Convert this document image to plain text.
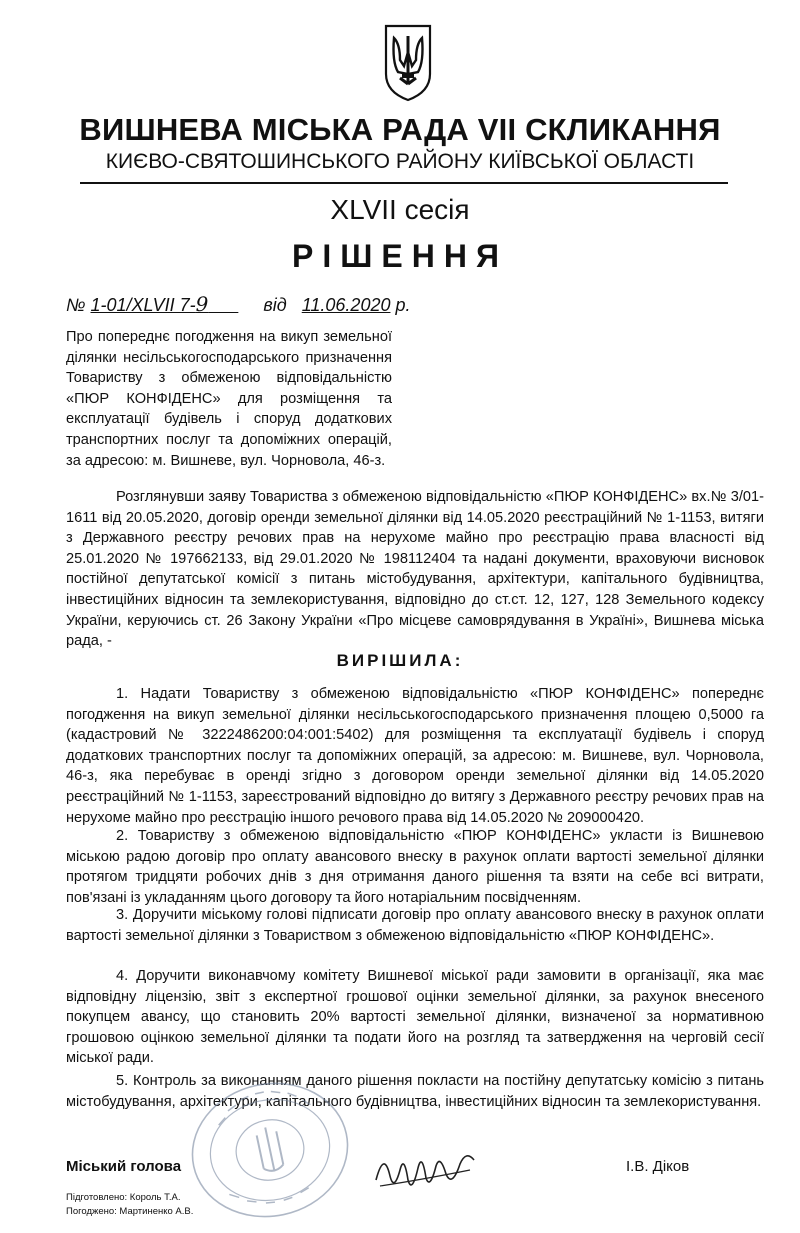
ВИШНЕВА МІСЬКА РАДА VII СКЛИКАННЯ
КИЄВО-СВЯТОШИНСЬКОГО РАЙОНУ КИЇВСЬКОЇ ОБЛАСТІ
XLVII сесія
РІШЕННЯ
№ 1-01/XLVII 7-9	від 11.06.2020 р.
Про попереднє погодження на викуп земельної
ділянки несільськогосподарського призначення
Товариству з обмеженою відповідальністю
«ПЮР КОНФІДЕНС» для розміщення та
експлуатації будівель і споруд додаткових
транспортних послуг та допоміжних операцій,
за адресою: м. Вишневе, вул. Чорновола, 46-з.

Розглянувши заяву Товариства з обмеженою відповідальністю «ПЮР КОНФІДЕНС» вх.№ 3/01-1611 від 20.05.2020, договір оренди земельної ділянки від 14.05.2020 реєстраційний № 1-1153, витяги з Державного реєстру речових прав на нерухоме майно про реєстрацію права власності від 25.01.2020 № 197662133, від 29.01.2020 № 198112404 та надані документи, враховуючи висновок постійної депутатської комісії з питань містобудування, архітектури, капітального будівництва, інвестиційних відносин та землекористування, відповідно до ст.ст. 12, 127, 128 Земельного кодексу України, керуючись ст. 26 Закону України «Про місцеве самоврядування в Україні», Вишнева міська рада, -

ВИРІШИЛА:

1. Надати Товариству з обмеженою відповідальністю «ПЮР КОНФІДЕНС» попереднє погодження на викуп земельної ділянки несільськогосподарського призначення площею 0,5000 га (кадастровий № 3222486200:04:001:5402) для розміщення та експлуатації будівель і споруд додаткових транспортних послуг та допоміжних операцій, за адресою: м. Вишневе, вул. Чорновола, 46-з, яка перебуває в оренді згідно з договором оренди земельної ділянки від 14.05.2020 реєстраційний № 1-1153, зареєстрований відповідно до витягу з Державного реєстру речових прав на нерухоме майно про реєстрацію іншого речового права від 14.05.2020 № 209000420.

2. Товариству з обмеженою відповідальністю «ПЮР КОНФІДЕНС» укласти із Вишневою міською радою договір про оплату авансового внеску в рахунок оплати вартості земельної ділянки протягом тридцяти робочих днів з дня отримання даного рішення та взяти на себе всі витрати, пов'язані із укладанням цього договору та його нотаріальним посвідченням.

3. Доручити міському голові підписати договір про оплату авансового внеску в рахунок оплати вартості земельної ділянки з Товариством з обмеженою відповідальністю «ПЮР КОНФІДЕНС».

4. Доручити виконавчому комітету Вишневої міської ради замовити в організації, яка має відповідну ліцензію, звіт з експертної грошової оцінки земельної ділянки, за рахунок внесеного покупцем авансу, що становить 20% вартості земельної ділянки, визначеної за нормативною грошовою оцінкою земельної ділянки та подати його на розгляд та затвердження на черговій сесії міської ради.

5. Контроль за виконанням даного рішення покласти на постійну депутатську комісію з питань містобудування, архітектури, капітального будівництва, інвестиційних відносин та землекористування.

Міський голова	І.В. Діков
Підготовлено: Король Т.А.
Погоджено: Мартиненко А.В.
